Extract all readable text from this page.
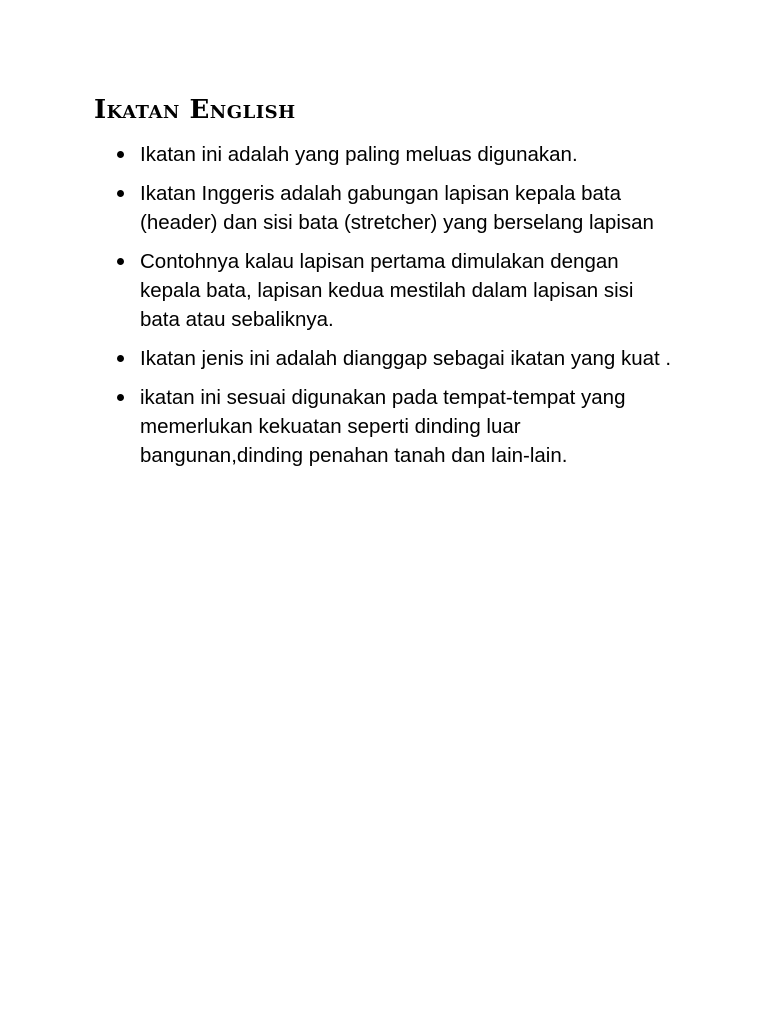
Ikatan English
Ikatan ini adalah yang paling meluas digunakan.
Ikatan Inggeris adalah gabungan lapisan kepala bata (header) dan sisi bata (stretcher) yang berselang lapisan
Contohnya kalau lapisan pertama dimulakan dengan kepala bata, lapisan kedua mestilah dalam lapisan sisi bata atau sebaliknya.
Ikatan jenis ini adalah dianggap sebagai ikatan yang kuat .
ikatan ini sesuai digunakan pada tempat-tempat yang memerlukan kekuatan seperti dinding luar bangunan,dinding penahan tanah dan lain-lain.
